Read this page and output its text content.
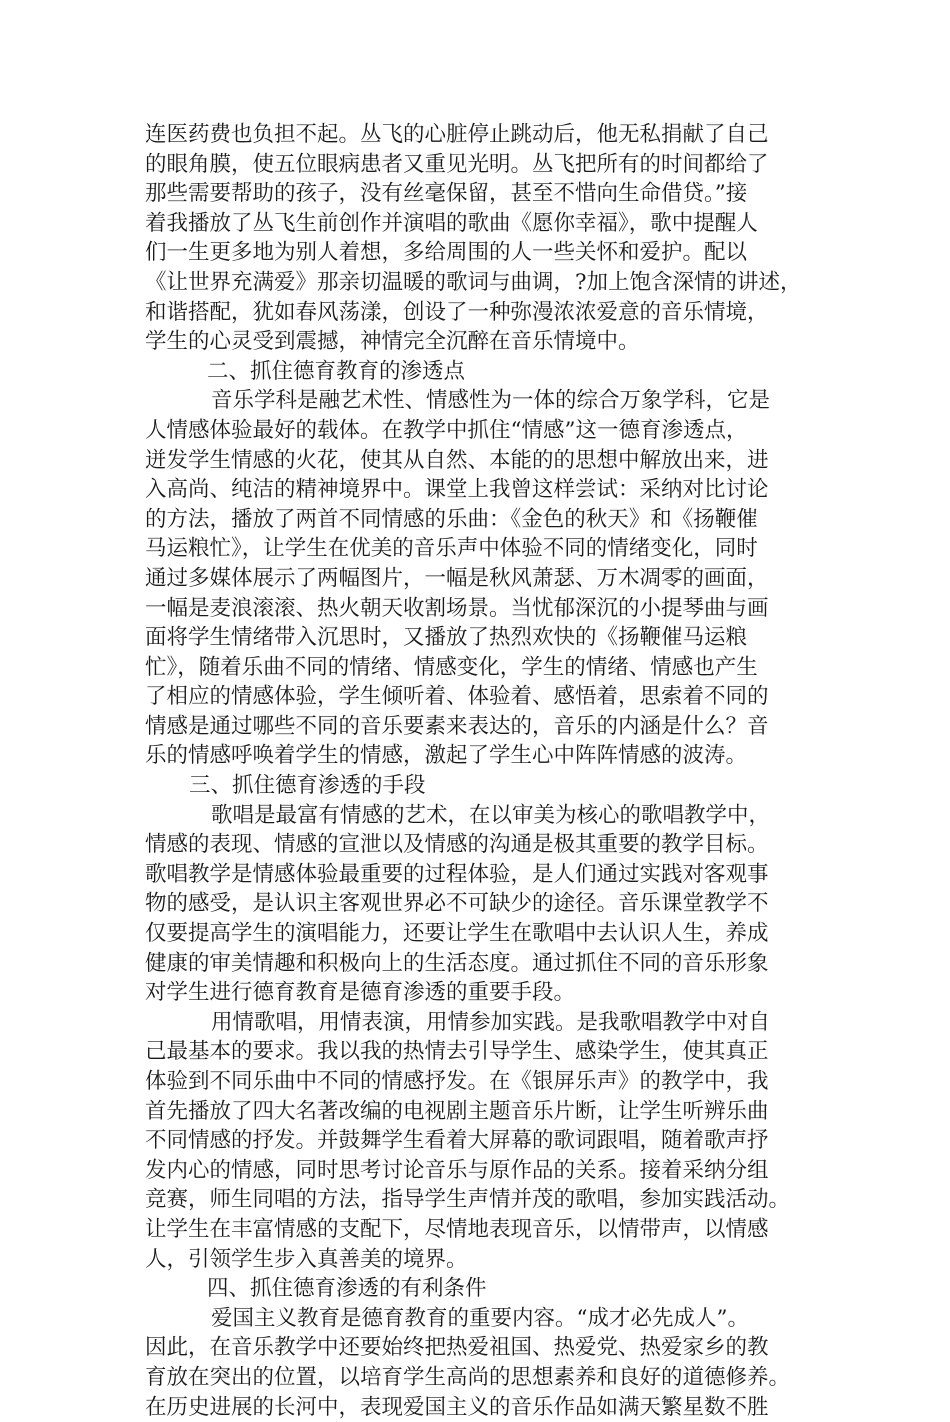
连医药费也负担不起。丛飞的心脏停止跳动后，他无私捐献了自己
的眼角膜，使五位眼病患者又重见光明。丛飞把所有的时间都给了
那些需要帮助的孩子，没有丝毫保留，甚至不惜向生命借贷。”接
着我播放了丛飞生前创作并演唱的歌曲《愿你幸福》，歌中提醒人
们一生更多地为别人着想，多给周围的人一些关怀和爱护。配以
《让世界充满爱》那亲切温暖的歌词与曲调，?加上饱含深情的讲述，
和谐搭配，犹如春风荡漾，创设了一种弥漫浓浓爱意的音乐情境，
学生的心灵受到震撼，神情完全沉醉在音乐情境中。
二、抓住德育教育的渗透点
音乐学科是融艺术性、情感性为一体的综合万象学科，它是
人情感体验最好的载体。在教学中抓住“情感”这一德育渗透点，
迸发学生情感的火花，使其从自然、本能的的思想中解放出来，进
入高尚、纯洁的精神境界中。课堂上我曾这样尝试：采纳对比讨论
的方法，播放了两首不同情感的乐曲：《金色的秋天》和《扬鞭催
马运粮忙》，让学生在优美的音乐声中体验不同的情绪变化，同时
通过多媒体展示了两幅图片，一幅是秋风萧瑟、万木凋零的画面，
一幅是麦浪滚滚、热火朝天收割场景。当忧郁深沉的小提琴曲与画
面将学生情绪带入沉思时，又播放了热烈欢快的《扬鞭催马运粮
忙》，随着乐曲不同的情绪、情感变化，学生的情绪、情感也产生
了相应的情感体验，学生倾听着、体验着、感悟着，思索着不同的
情感是通过哪些不同的音乐要素来表达的，音乐的内涵是什么？音
乐的情感呼唤着学生的情感，激起了学生心中阵阵情感的波涛。
三、抓住德育渗透的手段
歌唱是最富有情感的艺术，在以审美为核心的歌唱教学中，
情感的表现、情感的宣泄以及情感的沟通是极其重要的教学目标。
歌唱教学是情感体验最重要的过程体验，是人们通过实践对客观事
物的感受，是认识主客观世界必不可缺少的途径。音乐课堂教学不
仅要提高学生的演唱能力，还要让学生在歌唱中去认识人生，养成
健康的审美情趣和积极向上的生活态度。通过抓住不同的音乐形象
对学生进行德育教育是德育渗透的重要手段。
用情歌唱，用情表演，用情参加实践。是我歌唱教学中对自
己最基本的要求。我以我的热情去引导学生、感染学生，使其真正
体验到不同乐曲中不同的情感抒发。在《银屏乐声》的教学中，我
首先播放了四大名著改编的电视剧主题音乐片断，让学生听辨乐曲
不同情感的抒发。并鼓舞学生看着大屏幕的歌词跟唱，随着歌声抒
发内心的情感，同时思考讨论音乐与原作品的关系。接着采纳分组
竞赛，师生同唱的方法，指导学生声情并茂的歌唱，参加实践活动。
让学生在丰富情感的支配下，尽情地表现音乐，以情带声，以情感
人，引领学生步入真善美的境界。
四、抓住德育渗透的有利条件
爱国主义教育是德育教育的重要内容。“成才必先成人”。
因此，在音乐教学中还要始终把热爱祖国、热爱党、热爱家乡的教
育放在突出的位置，以培育学生高尚的思想素养和良好的道德修养。
在历史进展的长河中，表现爱国主义的音乐作品如满天繁星数不胜
